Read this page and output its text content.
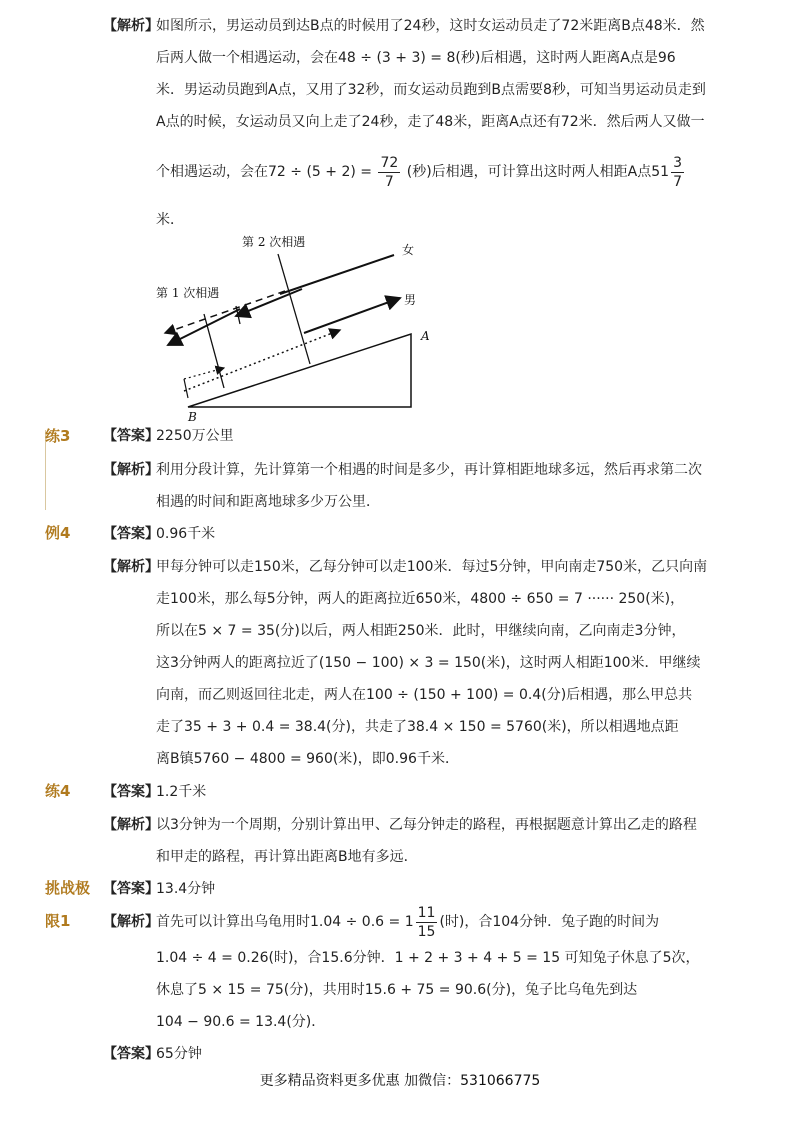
【解析】
如图所示，男运动员到达B点的时候用了24秒，这时女运动员走了72米距离B点48米．然
后两人做一个相遇运动，会在48 ÷ (3 + 3) = 8(秒)后相遇，这时两人距离A点是96
米．男运动员跑到A点，又用了32秒，而女运动员跑到B点需要8秒，可知当男运动员走到
A点的时候，女运动员又向上走了24秒，走了48米，距离A点还有72米．然后两人又做一
个相遇运动，会在$72 \div (5 + 2) = \frac{72}{7}$ (秒)后相遇，可计算出这时两人相距A点$51 \frac{3}{7}$
米．
第 2 次相遇
第 1 次相遇
女
男
A
B
练3 【答案】
2250万公里
【解析】
利用分段计算，先计算第一个相遇的时间是多少，再计算相距地球多远，然后再求第二次
相遇的时间和距离地球多少万公里．
例4 【答案】
0.96千米
【解析】
甲每分钟可以走150米，乙每分钟可以走100米．每过5分钟，甲向南走750米，乙只向南
走100米，那么每5分钟，两人的距离拉近650米，4800 ÷ 650 = 7 ······ 250(米)，
所以在5 × 7 = 35(分)以后，两人相距250米．此时，甲继续向南，乙向南走3分钟，
这3分钟两人的距离拉近了(150 − 100) × 3 = 150(米)，这时两人相距100米．甲继续
向南，而乙则返回往北走，两人在100 ÷ (150 + 100) = 0.4(分)后相遇，那么甲总共
走了35 + 3 + 0.4 = 38.4(分)，共走了38.4 × 150 = 5760(米)，所以相遇地点距
离B镇5760 − 4800 = 960(米)，即0.96千米．
练4 【答案】
1.2千米
【解析】
以3分钟为一个周期，分别计算出甲、乙每分钟走的路程，再根据题意计算出乙走的路程
和甲走的路程，再计算出距离B地有多远．
挑战极
限1
【答案】
13.4分钟
【解析】
首先可以计算出乌龟用时$1.04 \div 0.6 = 1 \frac{11}{15}$ (时)，合104分钟．兔子跑的时间为
1.04 ÷ 4 = 0.26(时)，合15.6分钟．1 + 2 + 3 + 4 + 5 = 15 可知兔子休息了5次，
休息了5 × 15 = 75(分)，共用时15.6 + 75 = 90.6(分)，兔子比乌龟先到达
104 − 90.6 = 13.4(分)．
【答案】
65分钟
更多精品资料更多优惠 加微信：531066775
